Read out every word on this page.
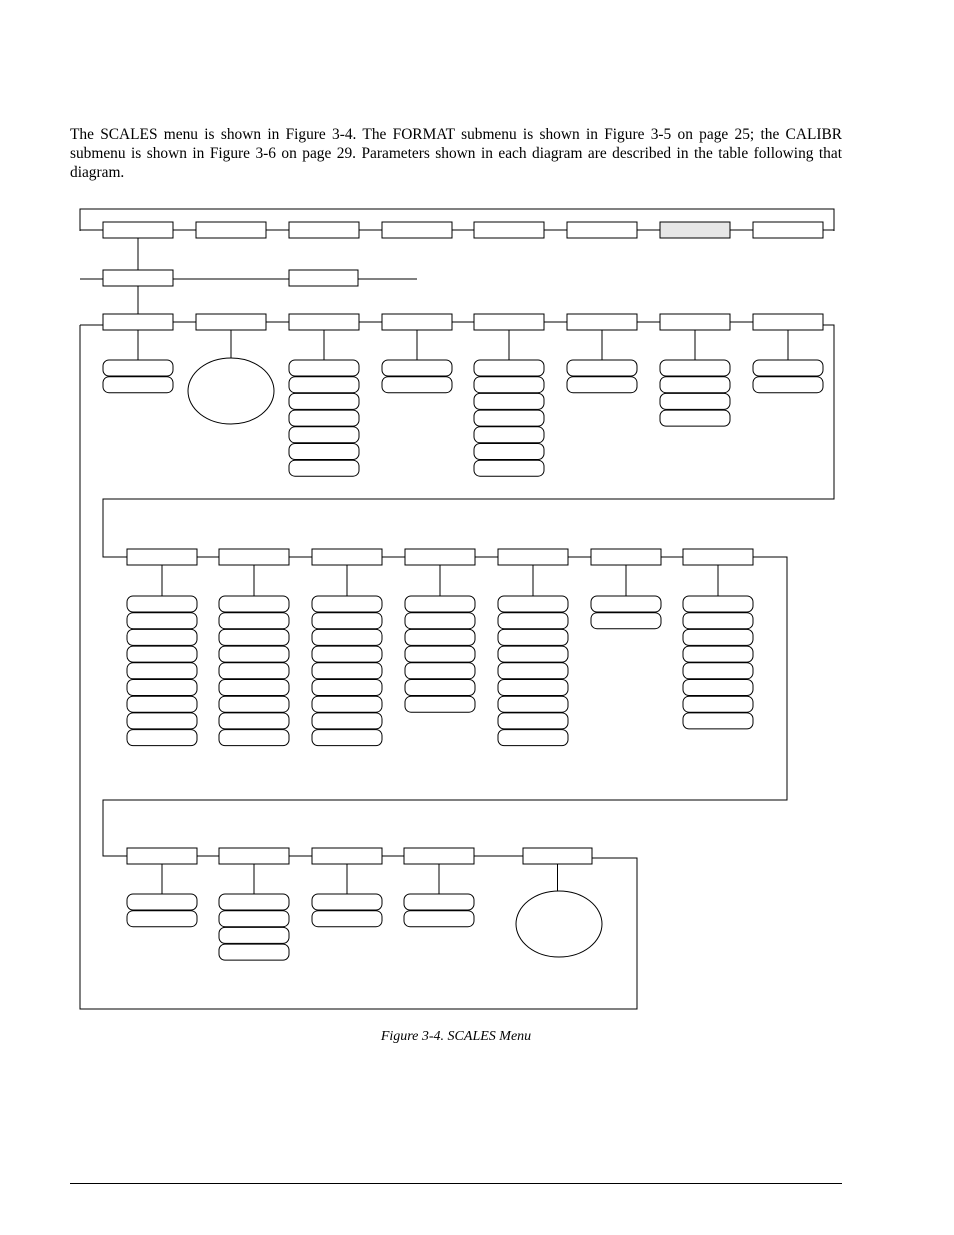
The SCALES menu is shown in Figure 3-4. The FORMAT submenu is shown in Figure 3-5 on page 25; the CALIBR submenu is shown in Figure 3-6 on page 29. Parameters shown in each diagram are described in the table following that diagram.

Figure 3-4. SCALES Menu
